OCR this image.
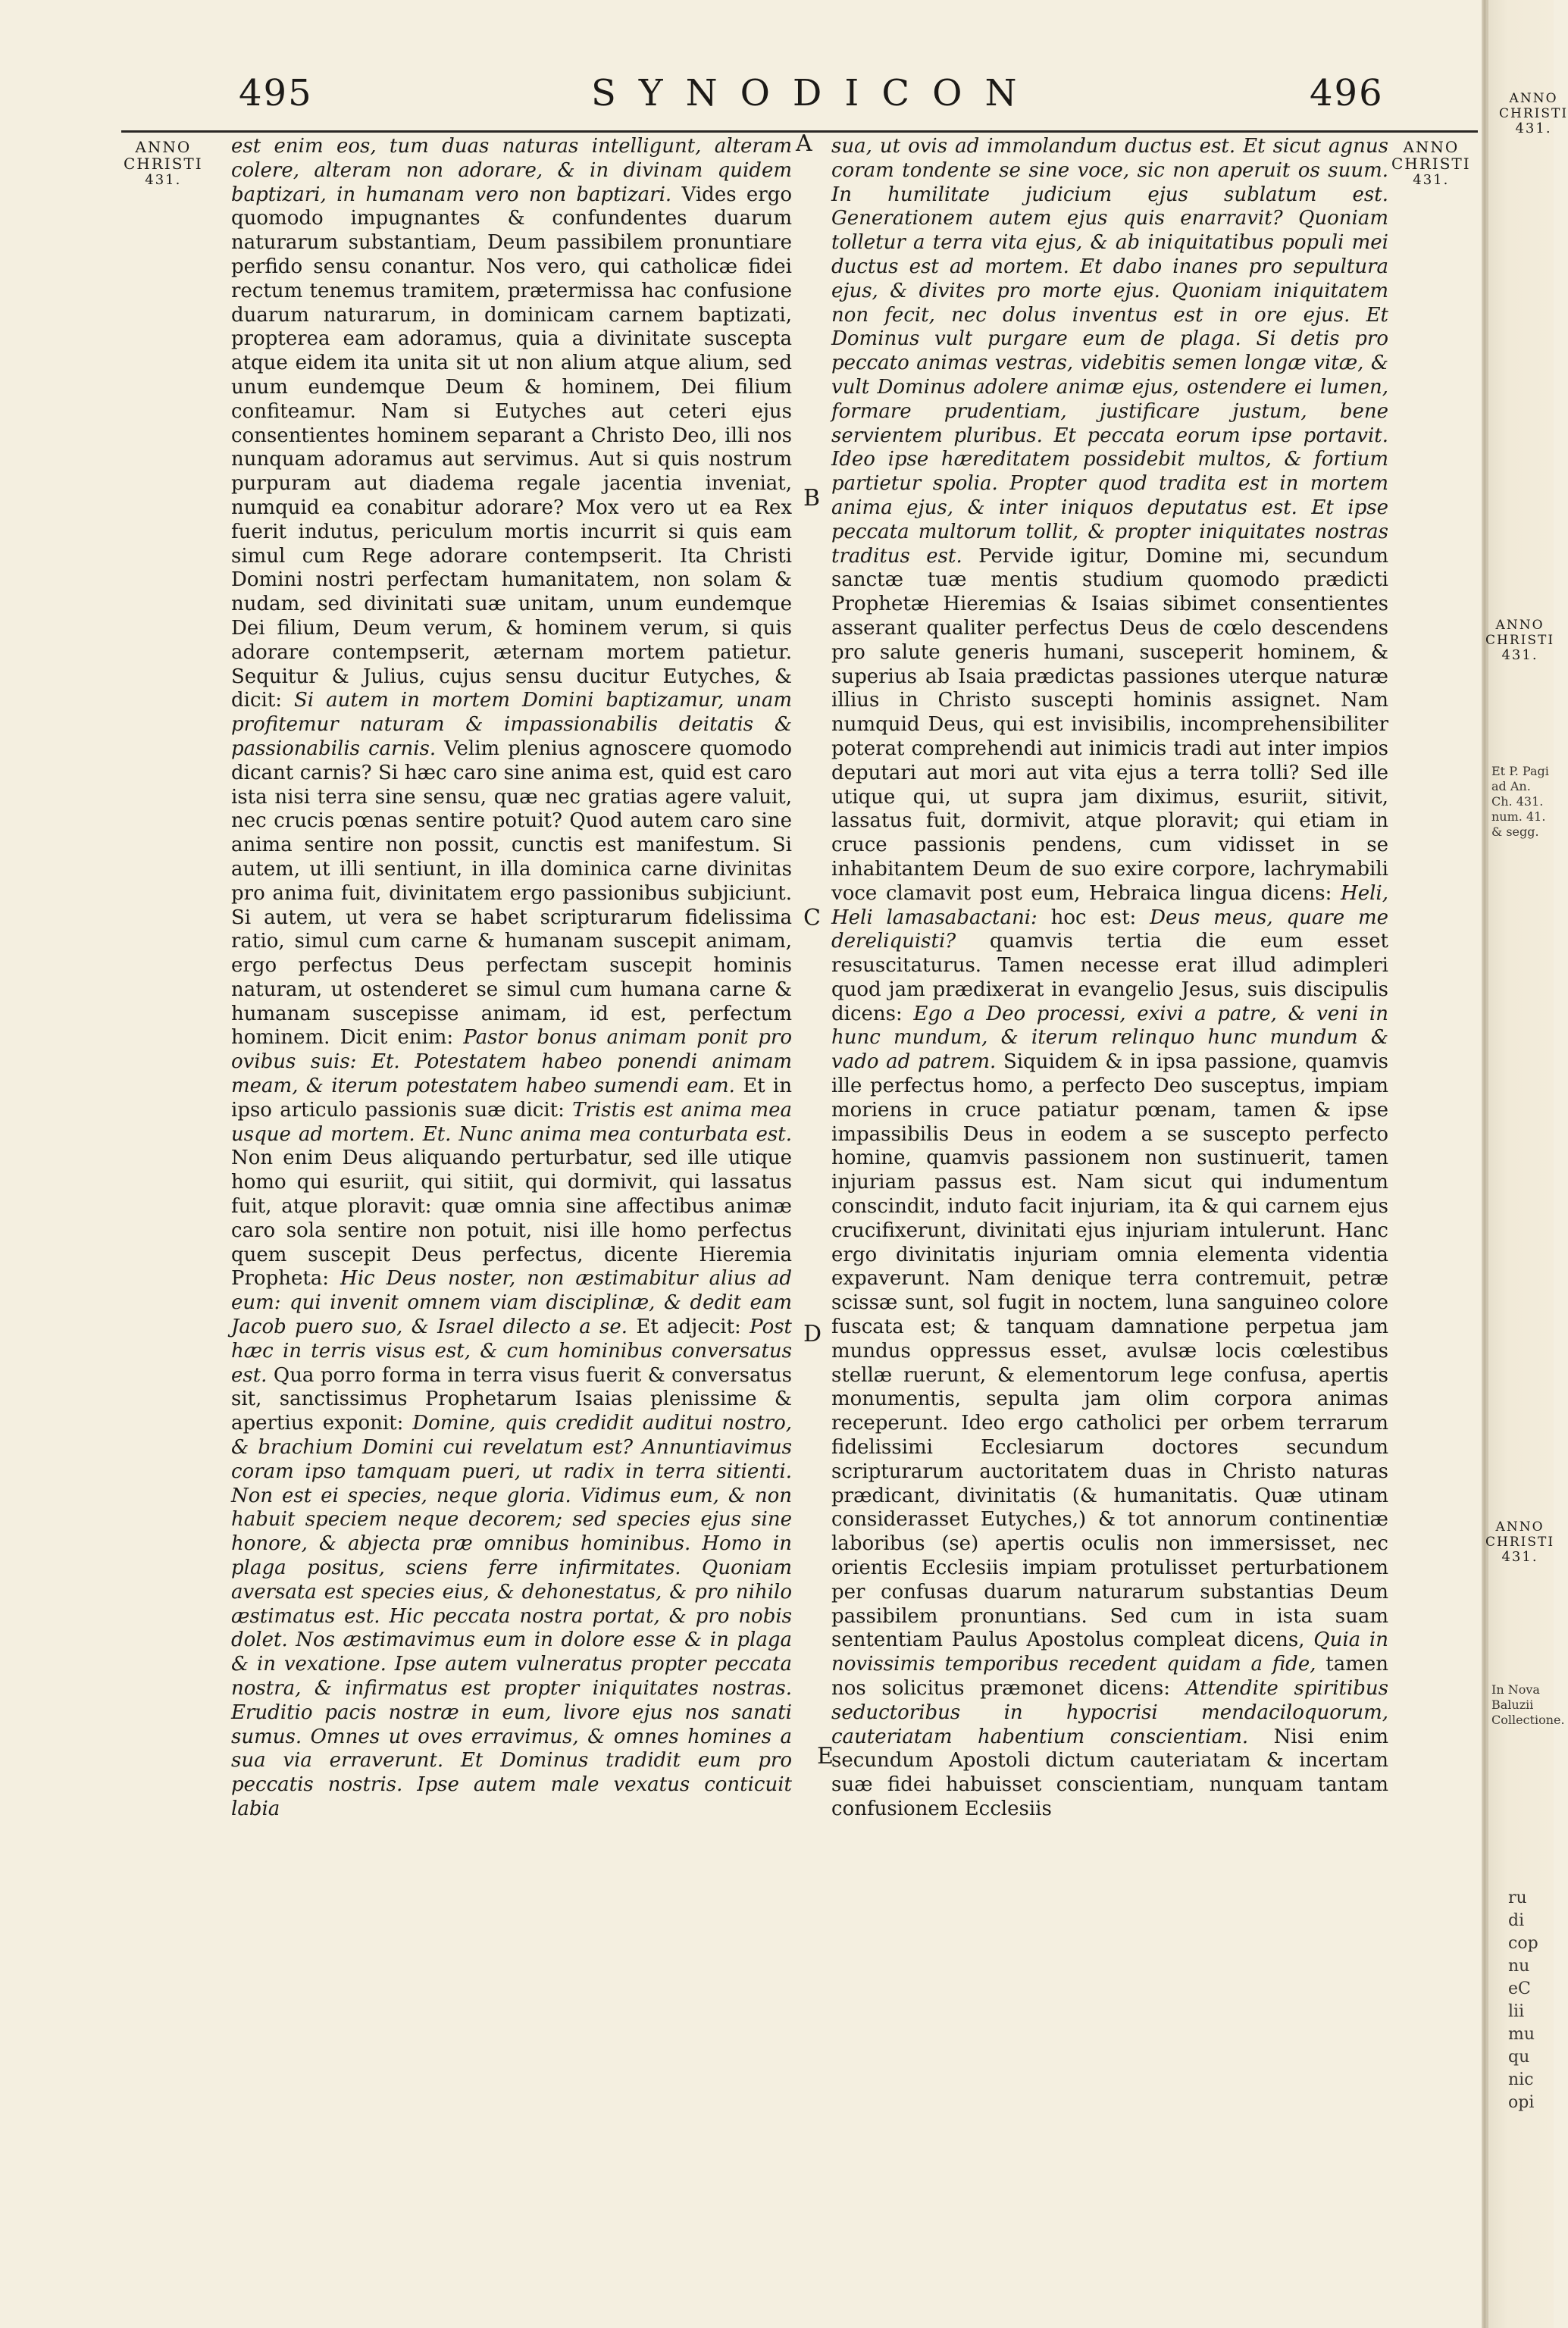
495	SYNODICON	496
ANNO
CHRISTI
431.
ANNO
CHRISTI
431.
ANNO
CHRISTI
431.
ANNO
CHRISTI
431.
ANNO
CHRISTI
431.
Et P. Pagi ad An. Ch. 431. num. 41. & segg.
In Nova Baluzii Collectione.
ru
di
cop
nu
eC
lii
mu
qu
nic
opi
A
B
C
D
E

est enim eos, tum duas naturas intelligunt, alteram colere, alteram non adorare, & in divinam quidem baptizari, in humanam vero non baptizari. Vides ergo quomodo impugnantes & confundentes duarum naturarum substantiam, Deum passibilem pronuntiare perfido sensu conantur. Nos vero, qui catholicæ fidei rectum tenemus tramitem, prætermissa hac confusione duarum naturarum, in dominicam carnem baptizati, propterea eam adoramus, quia a divinitate suscepta atque eidem ita unita sit ut non alium atque alium, sed unum eundemque Deum & hominem, Dei filium confiteamur. Nam si Eutyches aut ceteri ejus consentientes hominem separant a Christo Deo, illi nos nunquam adoramus aut servimus. Aut si quis nostrum purpuram aut diadema regale jacentia inveniat, numquid ea conabitur adorare? Mox vero ut ea Rex fuerit indutus, periculum mortis incurrit si quis eam simul cum Rege adorare contempserit. Ita Christi Domini nostri perfectam humanitatem, non solam & nudam, sed divinitati suæ unitam, unum eundemque Dei filium, Deum verum, & hominem verum, si quis adorare contempserit, æternam mortem patietur. Sequitur & Julius, cujus sensu ducitur Eutyches, & dicit: Si autem in mortem Domini baptizamur, unam profitemur naturam & impassionabilis deitatis & passionabilis carnis. Velim plenius agnoscere quomodo dicant carnis? Si hæc caro sine anima est, quid est caro ista nisi terra sine sensu, quæ nec gratias agere valuit, nec crucis pœnas sentire potuit? Quod autem caro sine anima sentire non possit, cunctis est manifestum. Si autem, ut illi sentiunt, in illa dominica carne divinitas pro anima fuit, divinitatem ergo passionibus subjiciunt. Si autem, ut vera se habet scripturarum fidelissima ratio, simul cum carne & humanam suscepit animam, ergo perfectus Deus perfectam suscepit hominis naturam, ut ostenderet se simul cum humana carne & humanam suscepisse animam, id est, perfectum hominem. Dicit enim: Pastor bonus animam ponit pro ovibus suis: Et. Potestatem habeo ponendi animam meam, & iterum potestatem habeo sumendi eam. Et in ipso articulo passionis suæ dicit: Tristis est anima mea usque ad mortem. Et. Nunc anima mea conturbata est. Non enim Deus aliquando perturbatur, sed ille utique homo qui esuriit, qui sitiit, qui dormivit, qui lassatus fuit, atque ploravit: quæ omnia sine affectibus animæ caro sola sentire non potuit, nisi ille homo perfectus quem suscepit Deus perfectus, dicente Hieremia Propheta: Hic Deus noster, non æstimabitur alius ad eum: qui invenit omnem viam disciplinæ, & dedit eam Jacob puero suo, & Israel dilecto a se. Et adjecit: Post hæc in terris visus est, & cum hominibus conversatus est. Qua porro forma in terra visus fuerit & conversatus sit, sanctissimus Prophetarum Isaias plenissime & apertius exponit: Domine, quis credidit auditui nostro, & brachium Domini cui revelatum est? Annuntiavimus coram ipso tamquam pueri, ut radix in terra sitienti. Non est ei species, neque gloria. Vidimus eum, & non habuit speciem neque decorem; sed species ejus sine honore, & abjecta præ omnibus hominibus. Homo in plaga positus, sciens ferre infirmitates. Quoniam aversata est species eius, & dehonestatus, & pro nihilo æstimatus est. Hic peccata nostra portat, & pro nobis dolet. Nos æstimavimus eum in dolore esse & in plaga & in vexatione. Ipse autem vulneratus propter peccata nostra, & infirmatus est propter iniquitates nostras. Eruditio pacis nostræ in eum, livore ejus nos sanati sumus. Omnes ut oves erravimus, & omnes homines a sua via erraverunt. Et Dominus tradidit eum pro peccatis nostris. Ipse autem male vexatus conticuit labia

sua, ut ovis ad immolandum ductus est. Et sicut agnus coram tondente se sine voce, sic non aperuit os suum. In humilitate judicium ejus sublatum est. Generationem autem ejus quis enarravit? Quoniam tolletur a terra vita ejus, & ab iniquitatibus populi mei ductus est ad mortem. Et dabo inanes pro sepultura ejus, & divites pro morte ejus. Quoniam iniquitatem non fecit, nec dolus inventus est in ore ejus. Et Dominus vult purgare eum de plaga. Si detis pro peccato animas vestras, videbitis semen longæ vitæ, & vult Dominus adolere animæ ejus, ostendere ei lumen, formare prudentiam, justificare justum, bene servientem pluribus. Et peccata eorum ipse portavit. Ideo ipse hæreditatem possidebit multos, & fortium partietur spolia. Propter quod tradita est in mortem anima ejus, & inter iniquos deputatus est. Et ipse peccata multorum tollit, & propter iniquitates nostras traditus est. Pervide igitur, Domine mi, secundum sanctæ tuæ mentis studium quomodo prædicti Prophetæ Hieremias & Isaias sibimet consentientes asserant qualiter perfectus Deus de cœlo descendens pro salute generis humani, susceperit hominem, & superius ab Isaia prædictas passiones uterque naturæ illius in Christo suscepti hominis assignet. Nam numquid Deus, qui est invisibilis, incomprehensibiliter poterat comprehendi aut inimicis tradi aut inter impios deputari aut mori aut vita ejus a terra tolli? Sed ille utique qui, ut supra jam diximus, esuriit, sitivit, lassatus fuit, dormivit, atque ploravit; qui etiam in cruce passionis pendens, cum vidisset in se inhabitantem Deum de suo exire corpore, lachrymabili voce clamavit post eum, Hebraica lingua dicens: Heli, Heli lamasabactani: hoc est: Deus meus, quare me dereliquisti? quamvis tertia die eum esset resuscitaturus. Tamen necesse erat illud adimpleri quod jam prædixerat in evangelio Jesus, suis discipulis dicens: Ego a Deo processi, exivi a patre, & veni in hunc mundum, & iterum relinquo hunc mundum & vado ad patrem. Siquidem & in ipsa passione, quamvis ille perfectus homo, a perfecto Deo susceptus, impiam moriens in cruce patiatur pœnam, tamen & ipse impassibilis Deus in eodem a se suscepto perfecto homine, quamvis passionem non sustinuerit, tamen injuriam passus est. Nam sicut qui indumentum conscindit, induto facit injuriam, ita & qui carnem ejus crucifixerunt, divinitati ejus injuriam intulerunt. Hanc ergo divinitatis injuriam omnia elementa videntia expaverunt. Nam denique terra contremuit, petræ scissæ sunt, sol fugit in noctem, luna sanguineo colore fuscata est; & tanquam damnatione perpetua jam mundus oppressus esset, avulsæ locis cœlestibus stellæ ruerunt, & elementorum lege confusa, apertis monumentis, sepulta jam olim corpora animas receperunt. Ideo ergo catholici per orbem terrarum fidelissimi Ecclesiarum doctores secundum scripturarum auctoritatem duas in Christo naturas prædicant, divinitatis (& humanitatis. Quæ utinam considerasset Eutyches,) & tot annorum continentiæ laboribus (se) apertis oculis non immersisset, nec orientis Ecclesiis impiam protulisset perturbationem per confusas duarum naturarum substantias Deum passibilem pronuntians. Sed cum in ista suam sententiam Paulus Apostolus compleat dicens, Quia in novissimis temporibus recedent quidam a fide, tamen nos solicitus præmonet dicens: Attendite spiritibus seductoribus in hypocrisi mendaciloquorum, cauteriatam habentium conscientiam. Nisi enim secundum Apostoli dictum cauteriatam & incertam suæ fidei habuisset conscientiam, nunquam tantam confusionem Ecclesiis
